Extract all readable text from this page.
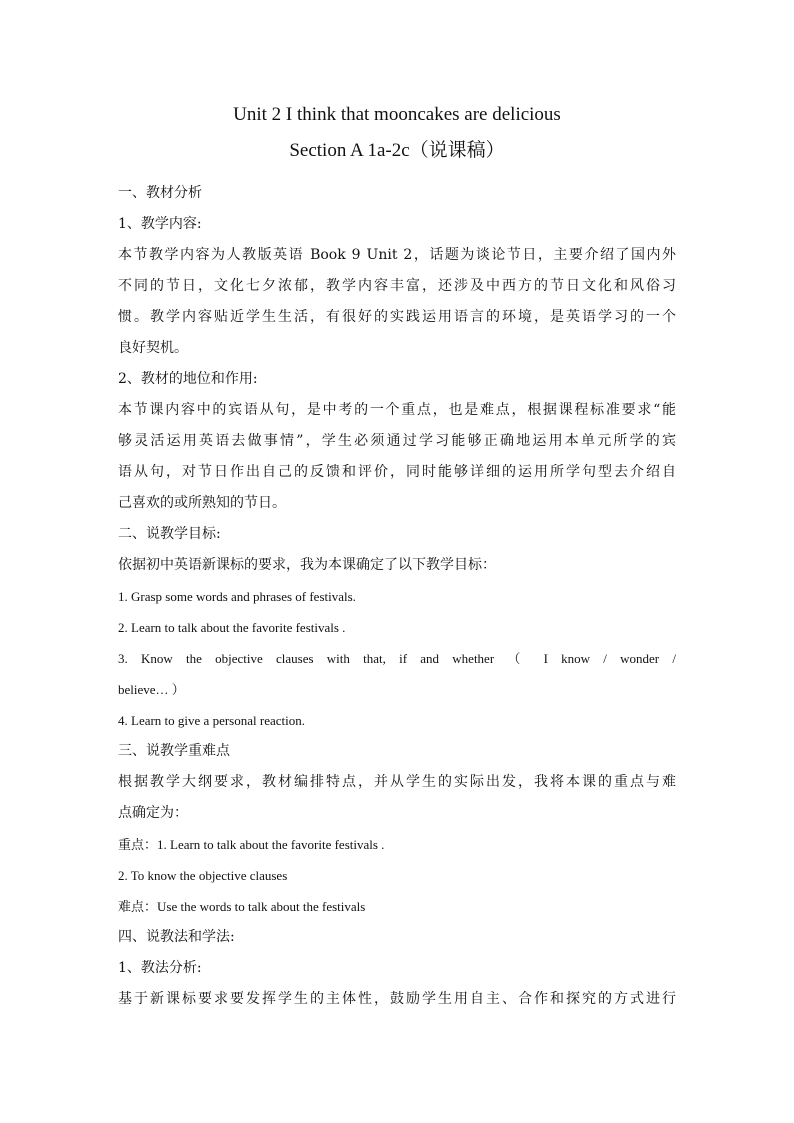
Unit 2 I think that mooncakes are delicious
Section A 1a-2c（说课稿）
一、教材分析
1、教学内容:
本节教学内容为人教版英语 Book 9 Unit 2，话题为谈论节日，主要介绍了国内外
不同的节日，文化七夕浓郁，教学内容丰富，还涉及中西方的节日文化和风俗习
惯。教学内容贴近学生生活，有很好的实践运用语言的环境，是英语学习的一个
良好契机。
2、教材的地位和作用:
本节课内容中的宾语从句，是中考的一个重点，也是难点，根据课程标准要求“能
够灵活运用英语去做事情”，学生必须通过学习能够正确地运用本单元所学的宾
语从句，对节日作出自己的反馈和评价，同时能够详细的运用所学句型去介绍自
己喜欢的或所熟知的节日。
二、说教学目标:
依据初中英语新课标的要求，我为本课确定了以下教学目标：
1. Grasp some words and phrases of festivals.
2. Learn to talk about the favorite festivals .
3. Know the objective clauses with that, if and whether （ I know / wonder /
believe… ）
4. Learn to give a personal reaction.
三、说教学重难点
根据教学大纲要求，教材编排特点，并从学生的实际出发，我将本课的重点与难
点确定为：
重点：1. Learn to talk about the favorite festivals .
2. To know the objective clauses
难点：Use the words to talk about the festivals
四、说教法和学法:
1、教法分析:
基于新课标要求要发挥学生的主体性，鼓励学生用自主、合作和探究的方式进行
